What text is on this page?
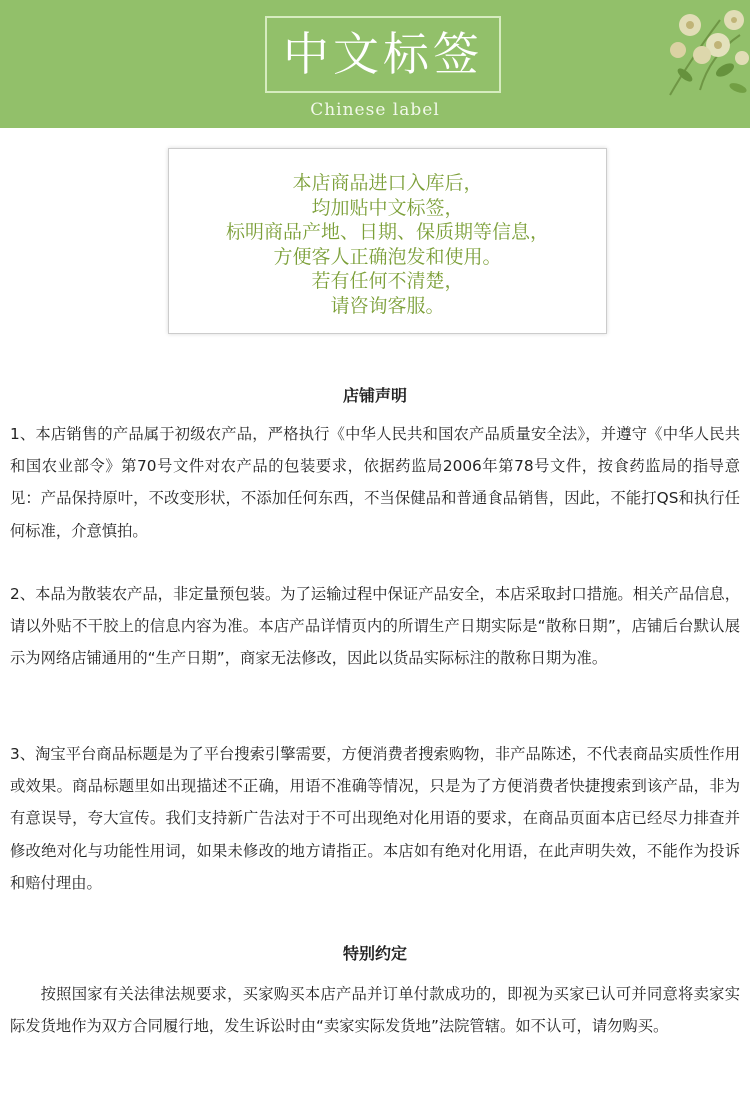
中文标签
Chinese label
本店商品进口入库后，
均加贴中文标签，
标明商品产地、日期、保质期等信息，
方便客人正确泡发和使用。
若有任何不清楚，
请咨询客服。
店铺声明
1、本店销售的产品属于初级农产品，严格执行《中华人民共和国农产品质量安全法》，并遵守《中华人民共和国农业部令》第70号文件对农产品的包装要求，依据药监局2006年第78号文件，按食药监局的指导意见：产品保持原叶，不改变形状，不添加任何东西，不当保健品和普通食品销售，因此，不能打QS和执行任何标准，介意慎拍。
2、本品为散装农产品，非定量预包装。为了运输过程中保证产品安全，本店采取封口措施。相关产品信息，请以外贴不干胶上的信息内容为准。本店产品详情页内的所谓生产日期实际是“散称日期”，店铺后台默认展示为网络店铺通用的“生产日期”，商家无法修改，因此以货品实际标注的散称日期为准。
3、淘宝平台商品标题是为了平台搜索引擎需要，方便消费者搜索购物，非产品陈述，不代表商品实质性作用或效果。商品标题里如出现描述不正确，用语不准确等情况，只是为了方便消费者快捷搜索到该产品，非为有意误导，夸大宣传。我们支持新广告法对于不可出现绝对化用语的要求，在商品页面本店已经尽力排查并修改绝对化与功能性用词，如果未修改的地方请指正。本店如有绝对化用语，在此声明失效，不能作为投诉和赔付理由。
特别约定
按照国家有关法律法规要求，买家购买本店产品并订单付款成功的，即视为买家已认可并同意将卖家实际发货地作为双方合同履行地，发生诉讼时由“卖家实际发货地”法院管辖。如不认可，请勿购买。
